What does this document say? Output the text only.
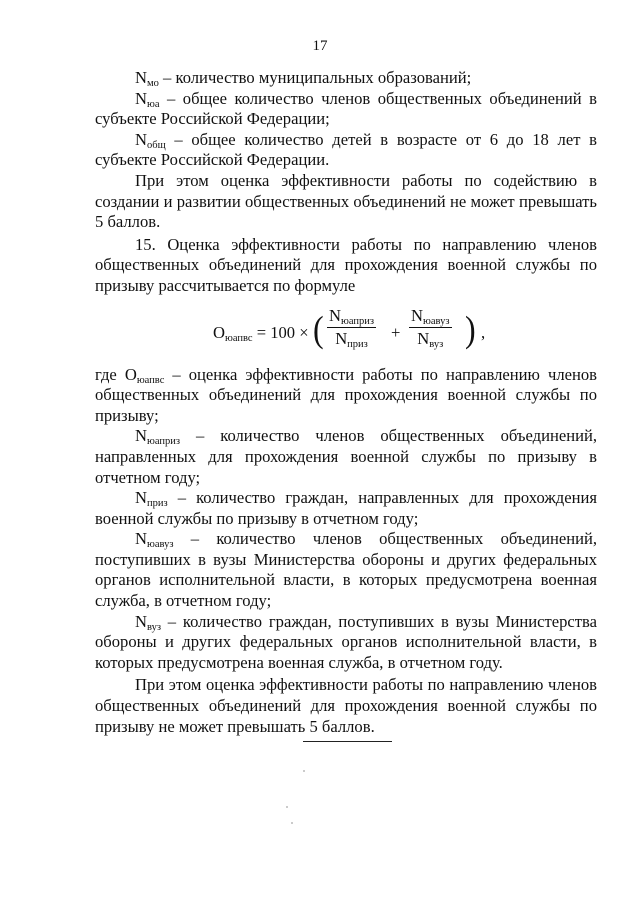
17

$N_{мо}$ – количество муниципальных образований;

$N_{юа}$ – общее количество членов общественных объединений в субъекте Российской Федерации;

$N_{общ}$ – общее количество детей в возрасте от 6 до 18 лет в субъекте Российской Федерации.

При этом оценка эффективности работы по содействию в создании и развитии общественных объединений не может превышать 5 баллов.

15. Оценка эффективности работы по направлению членов общественных объединений для прохождения военной службы по призыву рассчитывается по формуле

$О_{юапвс} = 100$ × ( $N_{юаприз}$
$N_{приз}$
+
$N_{юавуз}$
$N_{вуз}$ ) ,

где $О_{юапвс}$ – оценка эффективности работы по направлению членов общественных объединений для прохождения военной службы по призыву;

$N_{юаприз}$ – количество членов общественных объединений, направленных для прохождения военной службы по призыву в отчетном году;

$N_{приз}$ – количество граждан, направленных для прохождения военной службы по призыву в отчетном году;

$N_{юавуз}$ – количество членов общественных объединений, поступивших в вузы Министерства обороны и других федеральных органов исполнительной власти, в которых предусмотрена военная служба, в отчетном году;

$N_{вуз}$ – количество граждан, поступивших в вузы Министерства обороны и других федеральных органов исполнительной власти, в которых предусмотрена военная служба, в отчетном году.

При этом оценка эффективности работы по направлению членов общественных объединений для прохождения военной службы по призыву не может превышать 5 баллов.
